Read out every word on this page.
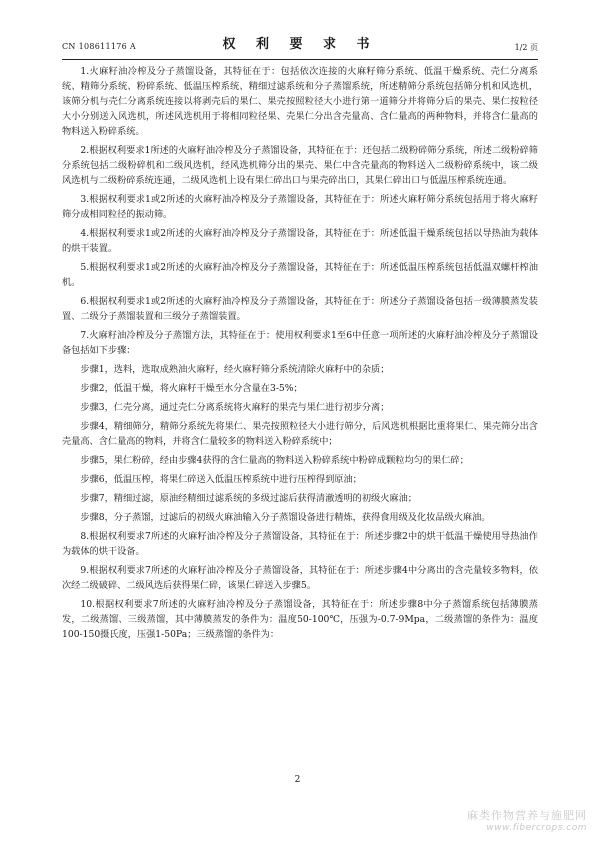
CN 108611176 A	权 利 要 求 书	1/2 页

1.火麻籽油冷榨及分子蒸馏设备，其特征在于：包括依次连接的火麻籽筛分系统、低温干燥系统、壳仁分离系统、精筛分系统、粉碎系统、低温压榨系统、精细过滤系统和分子蒸馏系统，所述精筛分系统包括筛分机和风选机，该筛分机与壳仁分离系统连接以将剥壳后的果仁、果壳按照粒径大小进行第一道筛分并将筛分后的果壳、果仁按粒径大小分别送入风选机，所述风选机用于将相同粒径果、壳果仁分出含壳量高、含仁量高的两种物料，并将含仁量高的物料送入粉碎系统。

2.根据权利要求1所述的火麻籽油冷榨及分子蒸馏设备，其特征在于：还包括二级粉碎筛分系统，所述二级粉碎筛分系统包括二级粉碎机和二级风选机，经风选机筛分出的果壳、果仁中含壳量高的物料送入二级粉碎系统中，该二级风选机与二级粉碎系统连通，二级风选机上设有果仁碎出口与果壳碎出口，其果仁碎出口与低温压榨系统连通。

3.根据权利要求1或2所述的火麻籽油冷榨及分子蒸馏设备，其特征在于：所述火麻籽筛分系统包括用于将火麻籽筛分成相同粒径的振动筛。

4.根据权利要求1或2所述的火麻籽油冷榨及分子蒸馏设备，其特征在于：所述低温干燥系统包括以导热油为载体的烘干装置。

5.根据权利要求1或2所述的火麻籽油冷榨及分子蒸馏设备，其特征在于：所述低温压榨系统包括低温双螺杆榨油机。

6.根据权利要求1或2所述的火麻籽油冷榨及分子蒸馏设备，其特征在于：所述分子蒸馏设备包括一级薄膜蒸发装置、二级分子蒸馏装置和三级分子蒸馏装置。

7.火麻籽油冷榨及分子蒸馏方法，其特征在于：使用权利要求1至6中任意一项所述的火麻籽油冷榨及分子蒸馏设备包括如下步骤：

步骤1，选料，选取成熟油火麻籽，经火麻籽筛分系统清除火麻籽中的杂质；

步骤2，低温干燥，将火麻籽干燥至水分含量在3-5%；

步骤3，仁壳分离，通过壳仁分离系统将火麻籽的果壳与果仁进行初步分离；

步骤4，精细筛分，精筛分系统先将果仁、果壳按照粒径大小进行筛分，后风选机根据比重将果仁、果壳筛分出含壳量高、含仁量高的物料，并将含仁量较多的物料送入粉碎系统中；

步骤5，果仁粉碎，经由步骤4获得的含仁量高的物料送入粉碎系统中粉碎成颗粒均匀的果仁碎；

步骤6，低温压榨，将果仁碎送入低温压榨系统中进行压榨得到原油；

步骤7，精细过滤，原油经精细过滤系统的多级过滤后获得清澈透明的初级火麻油；

步骤8，分子蒸馏，过滤后的初级火麻油输入分子蒸馏设备进行精炼，获得食用级及化妆品级火麻油。

8.根据权利要求7所述的火麻籽油冷榨及分子蒸馏设备，其特征在于：所述步骤2中的烘干低温干燥使用导热油作为载体的烘干设备。

9.根据权利要求7所述的火麻籽油冷榨及分子蒸馏设备，其特征在于：所述步骤4中分离出的含壳量较多物料，依次经二级破碎、二级风选后获得果仁碎，该果仁碎送入步骤5。

10.根据权利要求7所述的火麻籽油冷榨及分子蒸馏设备，其特征在于：所述步骤8中分子蒸馏系统包括薄膜蒸发，二级蒸馏、三级蒸馏，其中薄膜蒸发的条件为：温度50-100℃，压强为-0.7-9Mpa，二级蒸馏的条件为：温度100-150摄氏度，压强1-50Pa；三级蒸馏的条件为：

2
麻类作物营养与施肥网
www.fibercrops.com
